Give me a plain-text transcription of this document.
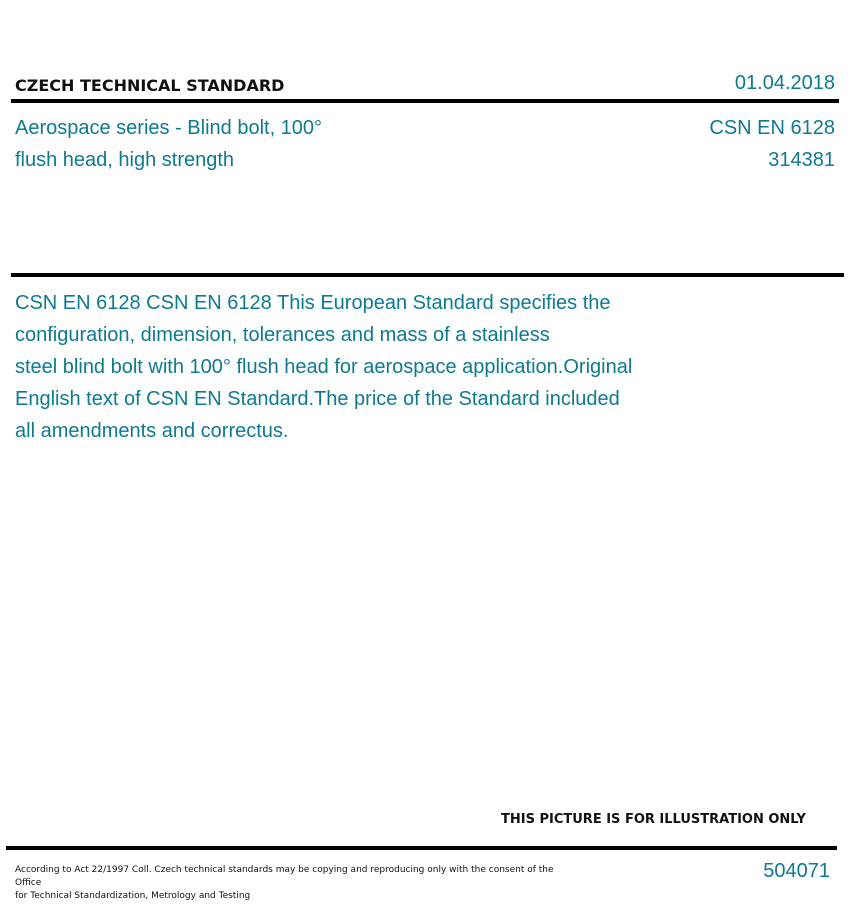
CZECH TECHNICAL STANDARD	01.04.2018
Aerospace series - Blind bolt, 100°
flush head, high strength
CSN EN 6128
314381
CSN EN 6128 CSN EN 6128 This European Standard specifies the
configuration, dimension, tolerances and mass of a stainless
steel blind bolt with 100° flush head for aerospace application.Original
English text of CSN EN Standard.The price of the Standard included
all amendments and correctus.
THIS PICTURE IS FOR ILLUSTRATION ONLY
According to Act 22/1997 Coll. Czech technical standards may be copying and reproducing only with the consent of the Office
for Technical Standardization, Metrology and Testing
504071
